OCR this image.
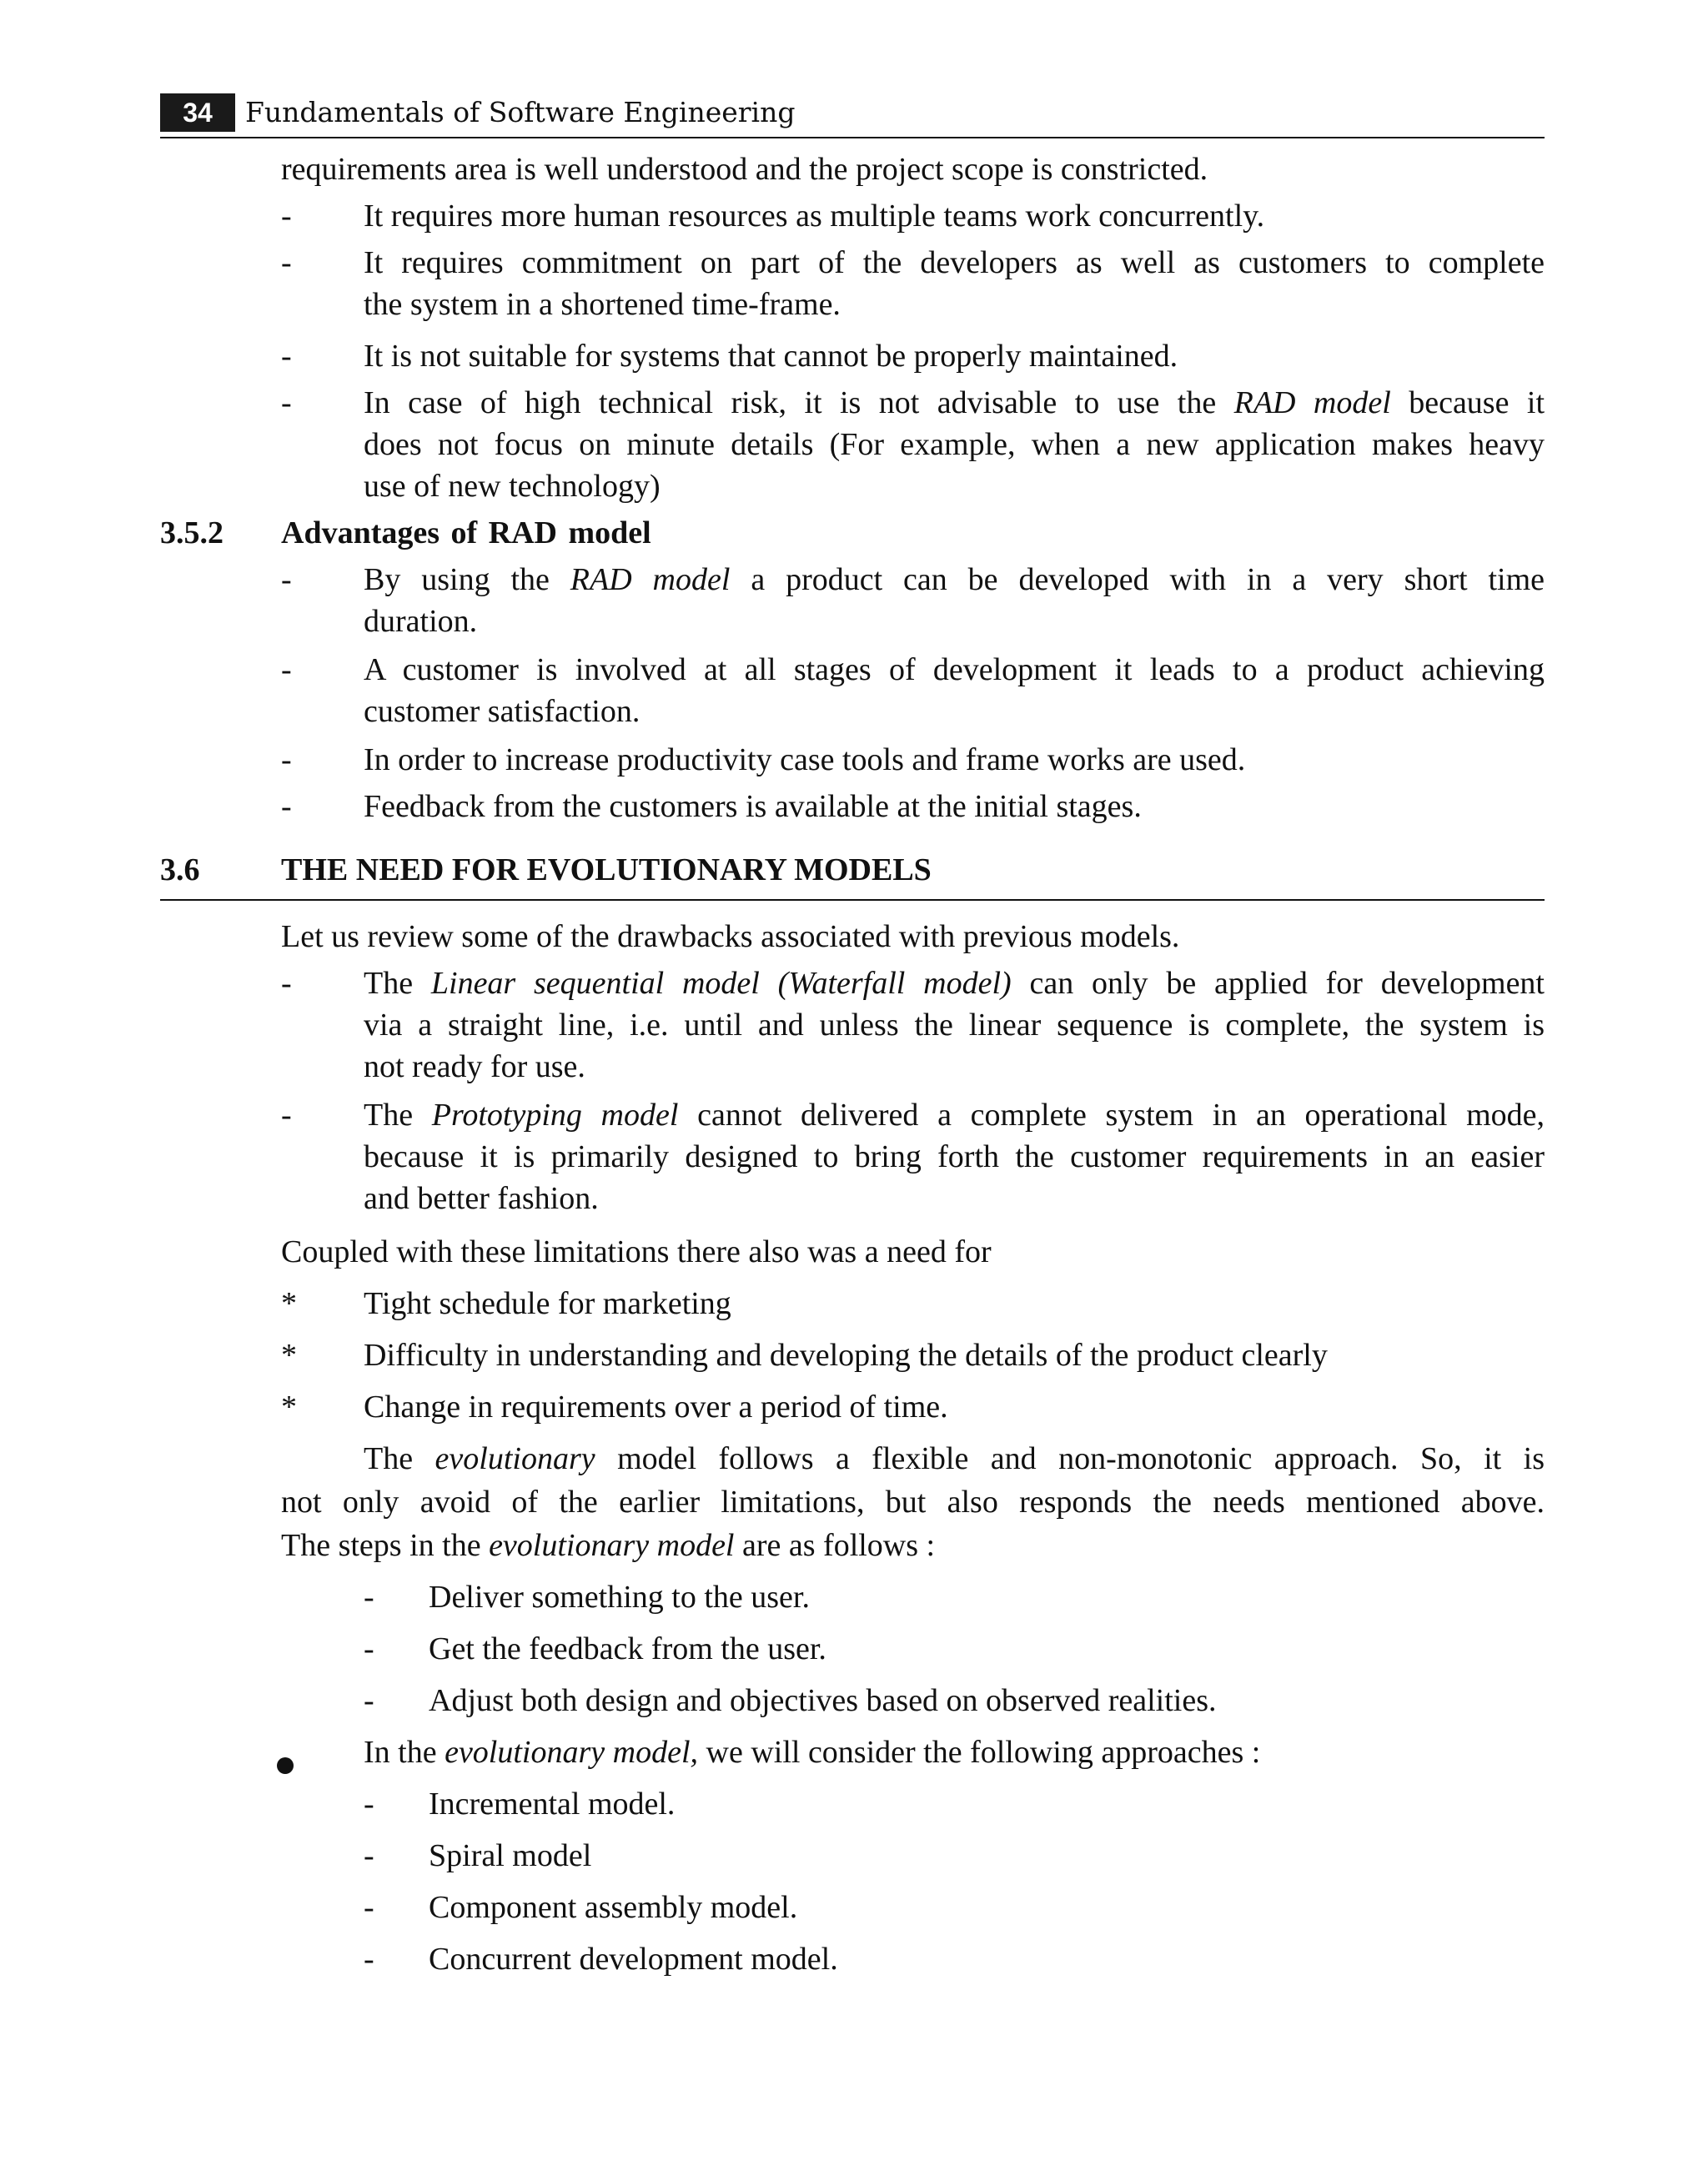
34	Fundamentals of Software Engineering
requirements area is well understood and the project scope is constricted.
- It requires more human resources as multiple teams work concurrently.
- It requires commitment on part of the developers as well as customers to complete
the system in a shortened time-frame.
- It is not suitable for systems that cannot be properly maintained.
- In case of high technical risk, it is not advisable to use the RAD model because it
does not focus on minute details (For example, when a new application makes heavy
use of new technology)
3.5.2 Advantages of RAD model
- By using the RAD model a product can be developed with in a very short time
duration.
- A customer is involved at all stages of development it leads to a product achieving
customer satisfaction.
- In order to increase productivity case tools and frame works are used.
- Feedback from the customers is available at the initial stages.
3.6	THE NEED FOR EVOLUTIONARY MODELS
Let us review some of the drawbacks associated with previous models.
- The Linear sequential model (Waterfall model) can only be applied for development
via a straight line, i.e. until and unless the linear sequence is complete, the system is
not ready for use.
- The Prototyping model cannot delivered a complete system in an operational mode,
because it is primarily designed to bring forth the customer requirements in an easier
and better fashion.
Coupled with these limitations there also was a need for
* Tight schedule for marketing
* Difficulty in understanding and developing the details of the product clearly
* Change in requirements over a period of time.
The evolutionary model follows a flexible and non-monotonic approach. So, it is
not only avoid of the earlier limitations, but also responds the needs mentioned above.
The steps in the evolutionary model are as follows :
- Deliver something to the user.
- Get the feedback from the user.
- Adjust both design and objectives based on observed realities.
In the evolutionary model, we will consider the following approaches :
- Incremental model.
- Spiral model
- Component assembly model.
- Concurrent development model.
